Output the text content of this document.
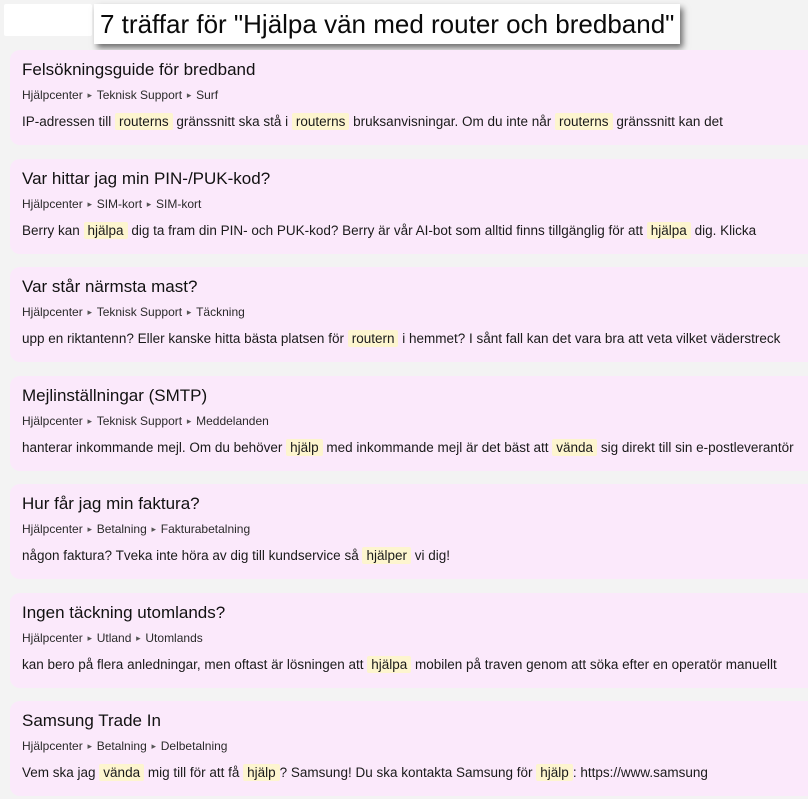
7 träffar för "Hjälpa vän med router och bredband"
Felsökningsguide för bredband
Hjälpcenter ▸ Teknisk Support ▸ Surf
IP-adressen till routerns gränssnitt ska stå i routerns bruksanvisningar. Om du inte når routerns gränssnitt kan det
Var hittar jag min PIN-/PUK-kod?
Hjälpcenter ▸ SIM-kort ▸ SIM-kort
Berry kan hjälpa dig ta fram din PIN- och PUK-kod? Berry är vår AI-bot som alltid finns tillgänglig för att hjälpa dig. Klicka
Var står närmsta mast?
Hjälpcenter ▸ Teknisk Support ▸ Täckning
upp en riktantenn? Eller kanske hitta bästa platsen för routern i hemmet? I sånt fall kan det vara bra att veta vilket väderstreck
Mejlinställningar (SMTP)
Hjälpcenter ▸ Teknisk Support ▸ Meddelanden
hanterar inkommande mejl. Om du behöver hjälp med inkommande mejl är det bäst att vända sig direkt till sin e-postleverantör
Hur får jag min faktura?
Hjälpcenter ▸ Betalning ▸ Fakturabetalning
någon faktura? Tveka inte höra av dig till kundservice så hjälper vi dig!
Ingen täckning utomlands?
Hjälpcenter ▸ Utland ▸ Utomlands
kan bero på flera anledningar, men oftast är lösningen att hjälpa mobilen på traven genom att söka efter en operatör manuellt
Samsung Trade In
Hjälpcenter ▸ Betalning ▸ Delbetalning
Vem ska jag vända mig till för att få hjälp ? Samsung! Du ska kontakta Samsung för hjälp : https://www.samsung
